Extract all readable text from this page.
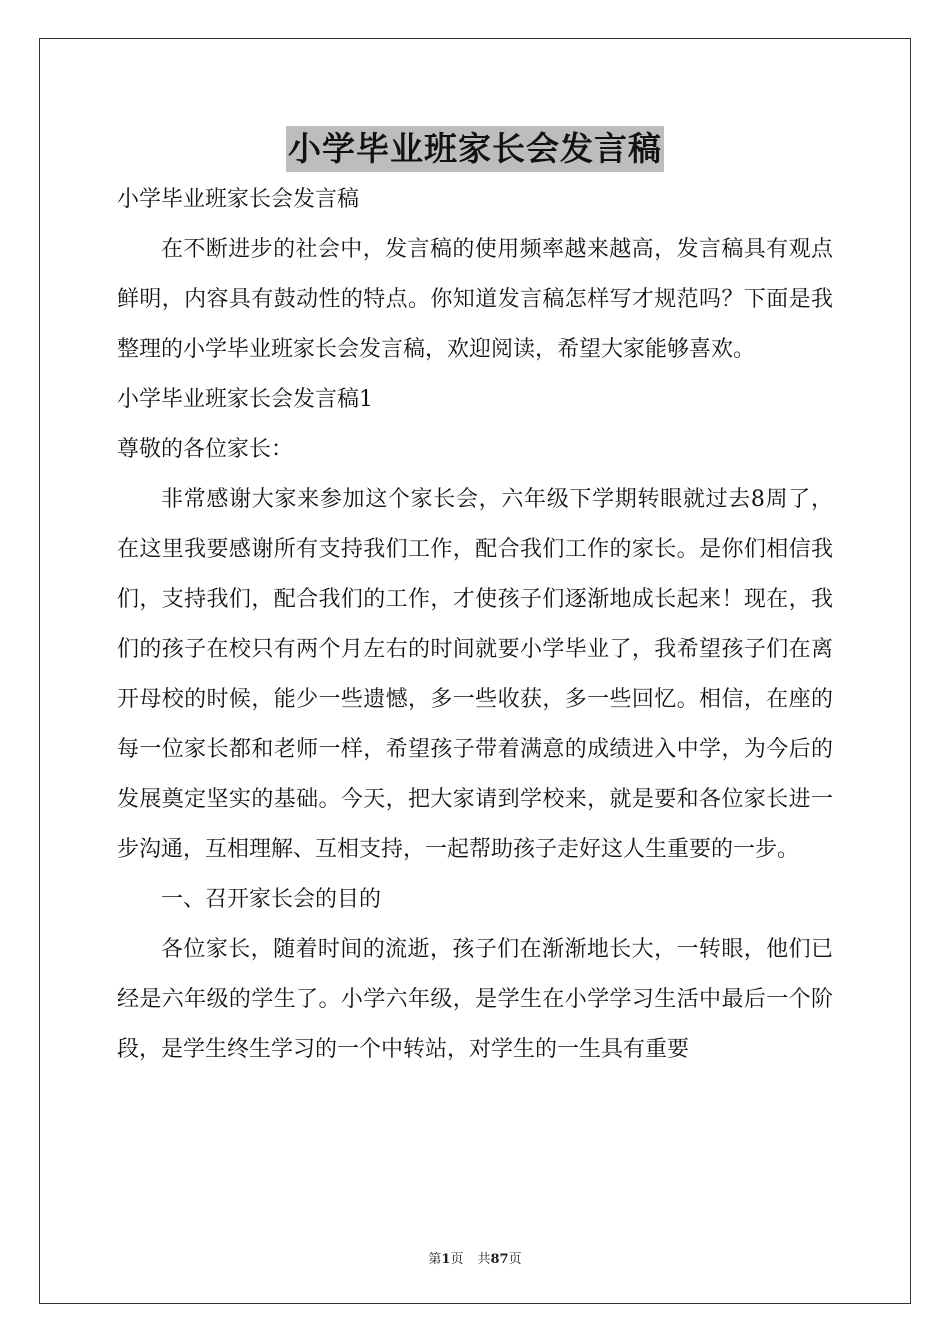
小学毕业班家长会发言稿

小学毕业班家长会发言稿

在不断进步的社会中，发言稿的使用频率越来越高，发言稿具有观点鲜明，内容具有鼓动性的特点。你知道发言稿怎样写才规范吗？下面是我整理的小学毕业班家长会发言稿，欢迎阅读，希望大家能够喜欢。

小学毕业班家长会发言稿1

尊敬的各位家长：

非常感谢大家来参加这个家长会，六年级下学期转眼就过去8周了，在这里我要感谢所有支持我们工作，配合我们工作的家长。是你们相信我们，支持我们，配合我们的工作，才使孩子们逐渐地成长起来！现在，我们的孩子在校只有两个月左右的时间就要小学毕业了，我希望孩子们在离开母校的时候，能少一些遗憾，多一些收获，多一些回忆。相信，在座的每一位家长都和老师一样，希望孩子带着满意的成绩进入中学，为今后的发展奠定坚实的基础。今天，把大家请到学校来，就是要和各位家长进一步沟通，互相理解、互相支持，一起帮助孩子走好这人生重要的一步。

一、召开家长会的目的

各位家长，随着时间的流逝，孩子们在渐渐地长大，一转眼，他们已经是六年级的学生了。小学六年级，是学生在小学学习生活中最后一个阶段，是学生终生学习的一个中转站，对学生的一生具有重要

第1页 共87页
